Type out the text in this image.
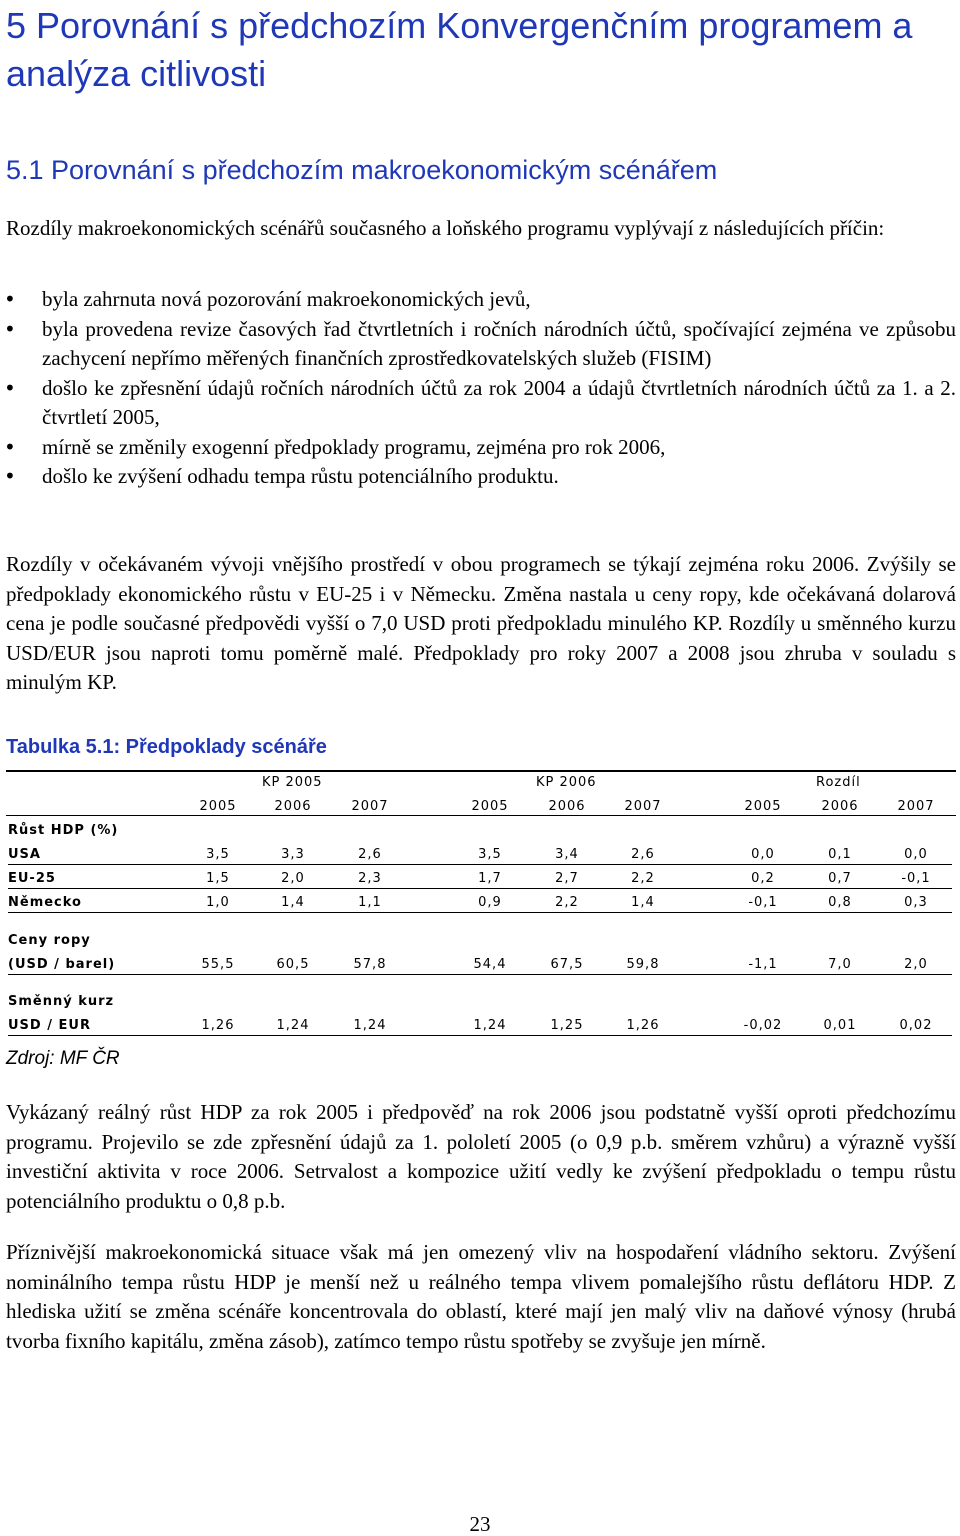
5 Porovnání s předchozím Konvergenčním programem a analýza citlivosti
5.1 Porovnání s předchozím makroekonomickým scénářem

Rozdíly makroekonomických scénářů současného a loňského programu vyplývají z následujících příčin:

• byla zahrnuta nová pozorování makroekonomických jevů,
• byla provedena revize časových řad čtvrtletních i ročních národních účtů, spočívající zejména ve způsobu zachycení nepřímo měřených finančních zprostředkovatelských služeb (FISIM)
• došlo ke zpřesnění údajů ročních národních účtů za rok 2004 a údajů čtvrtletních národních účtů za 1. a 2. čtvrtletí 2005,
• mírně se změnily exogenní předpoklady programu, zejména pro rok 2006,
• došlo ke zvýšení odhadu tempa růstu potenciálního produktu.

Rozdíly v očekávaném vývoji vnějšího prostředí v obou programech se týkají zejména roku 2006. Zvýšily se předpoklady ekonomického růstu v EU-25 i v Německu. Změna nastala u ceny ropy, kde očekávaná dolarová cena je podle současné předpovědi vyšší o 7,0 USD proti předpokladu minulého KP. Rozdíly u směnného kurzu USD/EUR jsou naproti tomu poměrně malé. Předpoklady pro roky 2007 a 2008 jsou zhruba v souladu s minulým KP.

Tabulka 5.1: Předpoklady scénáře

KP 2005	KP 2006	Rozdíl
2005	2006	2007	2005	2006	2007	2005	2006	2007
Růst HDP (%)
USA	3,5	3,3	2,6	3,5	3,4	2,6	0,0	0,1	0,0
EU-25	1,5	2,0	2,3	1,7	2,7	2,2	0,2	0,7	-0,1
Německo	1,0	1,4	1,1	0,9	2,2	1,4	-0,1	0,8	0,3
Ceny ropy
(USD / barel)	55,5	60,5	57,8	54,4	67,5	59,8	-1,1	7,0	2,0
Směnný kurz
USD / EUR	1,26	1,24	1,24	1,24	1,25	1,26	-0,02	0,01	0,02

Zdroj: MF ČR

Vykázaný reálný růst HDP za rok 2005 i předpověď na rok 2006 jsou podstatně vyšší oproti předchozímu programu. Projevilo se zde zpřesnění údajů za 1. pololetí 2005 (o 0,9 p.b. směrem vzhůru) a výrazně vyšší investiční aktivita v roce 2006. Setrvalost a kompozice užití vedly ke zvýšení předpokladu o tempu růstu potenciálního produktu o 0,8 p.b.

Příznivější makroekonomická situace však má jen omezený vliv na hospodaření vládního sektoru. Zvýšení nominálního tempa růstu HDP je menší než u reálného tempa vlivem pomalejšího růstu deflátoru HDP. Z hlediska užití se změna scénáře koncentrovala do oblastí, které mají jen malý vliv na daňové výnosy (hrubá tvorba fixního kapitálu, změna zásob), zatímco tempo růstu spotřeby se zvyšuje jen mírně.

23
